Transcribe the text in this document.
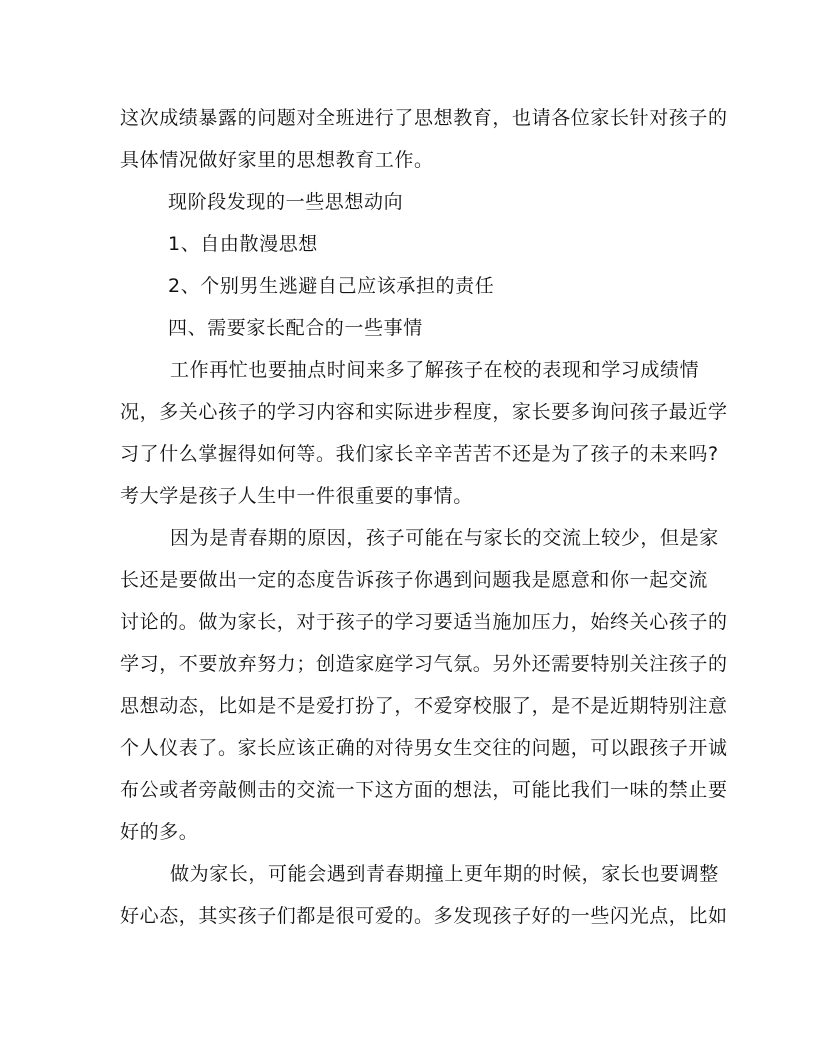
这次成绩暴露的问题对全班进行了思想教育，也请各位家长针对孩子的
具体情况做好家里的思想教育工作。
现阶段发现的一些思想动向
1、自由散漫思想
2、个别男生逃避自己应该承担的责任
四、需要家长配合的一些事情
工作再忙也要抽点时间来多了解孩子在校的表现和学习成绩情
况，多关心孩子的学习内容和实际进步程度，家长要多询问孩子最近学
习了什么掌握得如何等。我们家长辛辛苦苦不还是为了孩子的未来吗?
考大学是孩子人生中一件很重要的事情。
因为是青春期的原因，孩子可能在与家长的交流上较少，但是家
长还是要做出一定的态度告诉孩子你遇到问题我是愿意和你一起交流
讨论的。做为家长，对于孩子的学习要适当施加压力，始终关心孩子的
学习，不要放弃努力；创造家庭学习气氛。另外还需要特别关注孩子的
思想动态，比如是不是爱打扮了，不爱穿校服了，是不是近期特别注意
个人仪表了。家长应该正确的对待男女生交往的问题，可以跟孩子开诚
布公或者旁敲侧击的交流一下这方面的想法，可能比我们一味的禁止要
好的多。
做为家长，可能会遇到青春期撞上更年期的时候，家长也要调整
好心态，其实孩子们都是很可爱的。多发现孩子好的一些闪光点，比如
